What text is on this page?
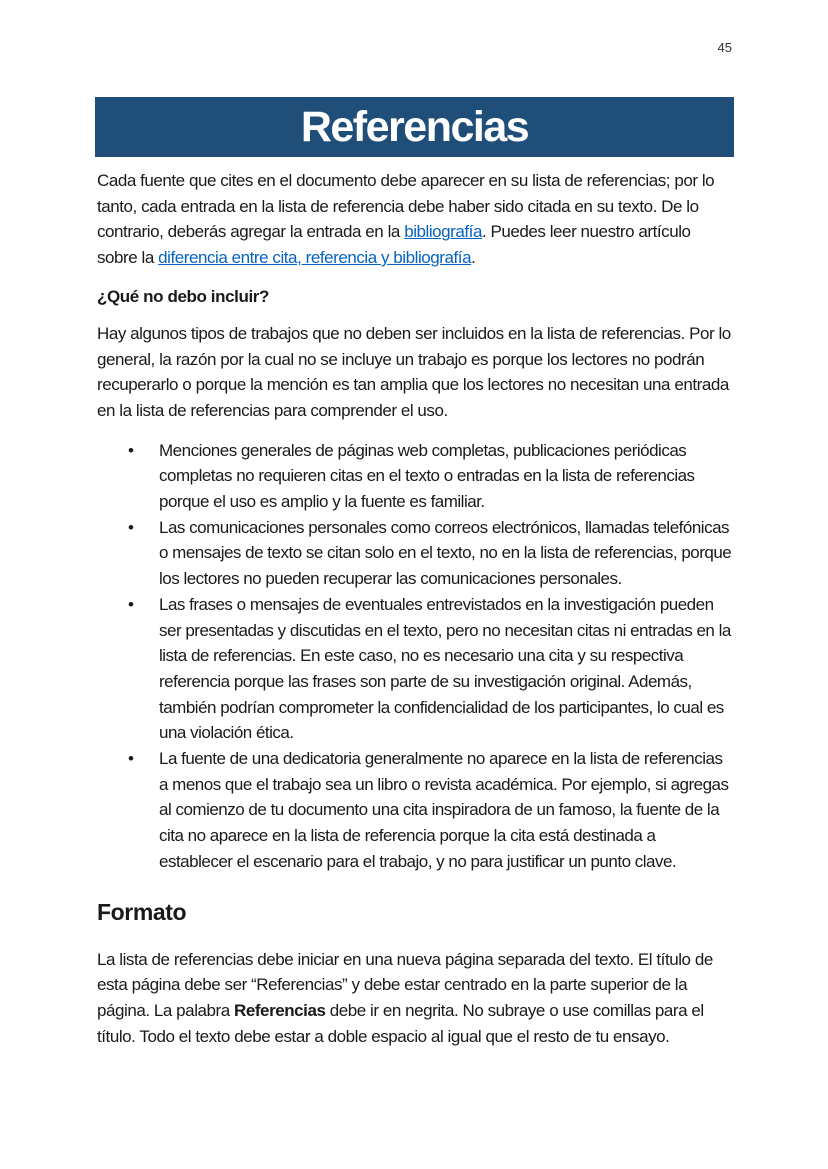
45
Referencias

Cada fuente que cites en el documento debe aparecer en su lista de referencias; por lo tanto, cada entrada en la lista de referencia debe haber sido citada en su texto. De lo contrario, deberás agregar la entrada en la bibliografía. Puedes leer nuestro artículo sobre la diferencia entre cita, referencia y bibliografía.

¿Qué no debo incluir?

Hay algunos tipos de trabajos que no deben ser incluidos en la lista de referencias. Por lo general, la razón por la cual no se incluye un trabajo es porque los lectores no podrán recuperarlo o porque la mención es tan amplia que los lectores no necesitan una entrada en la lista de referencias para comprender el uso.

• Menciones generales de páginas web completas, publicaciones periódicas completas no requieren citas en el texto o entradas en la lista de referencias porque el uso es amplio y la fuente es familiar.
• Las comunicaciones personales como correos electrónicos, llamadas telefónicas o mensajes de texto se citan solo en el texto, no en la lista de referencias, porque los lectores no pueden recuperar las comunicaciones personales.
• Las frases o mensajes de eventuales entrevistados en la investigación pueden ser presentadas y discutidas en el texto, pero no necesitan citas ni entradas en la lista de referencias. En este caso, no es necesario una cita y su respectiva referencia porque las frases son parte de su investigación original. Además, también podrían comprometer la confidencialidad de los participantes, lo cual es una violación ética.
• La fuente de una dedicatoria generalmente no aparece en la lista de referencias a menos que el trabajo sea un libro o revista académica. Por ejemplo, si agregas al comienzo de tu documento una cita inspiradora de un famoso, la fuente de la cita no aparece en la lista de referencia porque la cita está destinada a establecer el escenario para el trabajo, y no para justificar un punto clave.
Formato

La lista de referencias debe iniciar en una nueva página separada del texto. El título de esta página debe ser “Referencias” y debe estar centrado en la parte superior de la página. La palabra Referencias debe ir en negrita. No subraye o use comillas para el título. Todo el texto debe estar a doble espacio al igual que el resto de tu ensayo.
